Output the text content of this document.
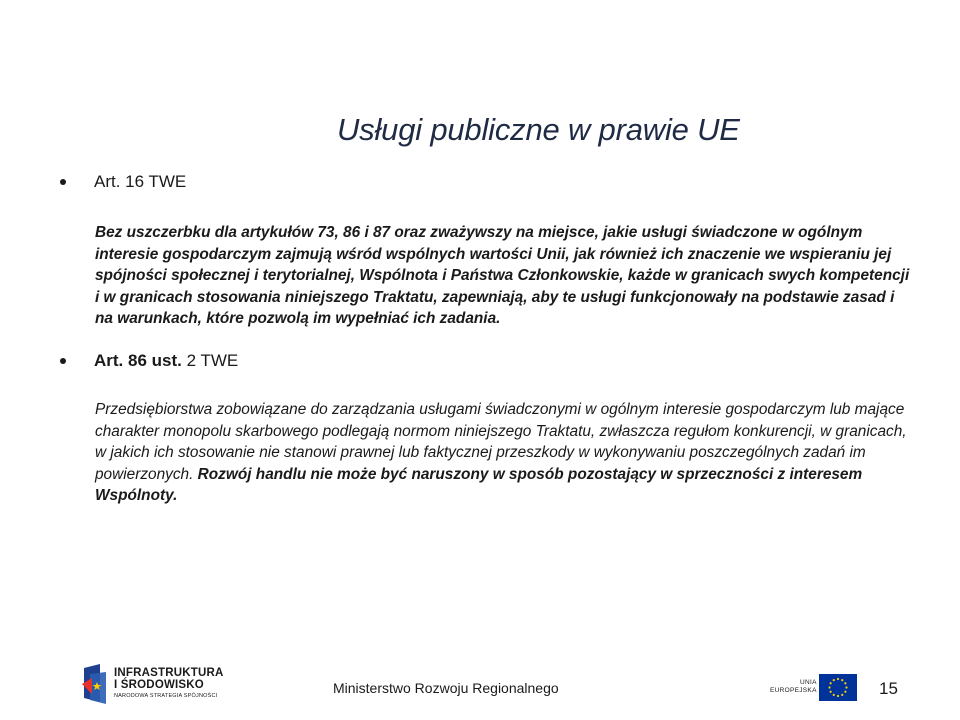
Usługi publiczne w prawie UE
Art. 16 TWE
Bez uszczerbku dla artykułów 73, 86 i 87 oraz zważywszy na miejsce, jakie usługi świadczone w ogólnym interesie gospodarczym zajmują wśród wspólnych wartości Unii, jak również ich znaczenie we wspieraniu jej spójności społecznej i terytorialnej, Wspólnota i Państwa Członkowskie, każde w granicach swych kompetencji i w granicach stosowania niniejszego Traktatu, zapewniają, aby te usługi funkcjonowały na podstawie zasad i na warunkach, które pozwolą im wypełniać ich zadania.
Art. 86 ust. 2 TWE
Przedsiębiorstwa zobowiązane do zarządzania usługami świadczonymi w ogólnym interesie gospodarczym lub mające charakter monopolu skarbowego podlegają normom niniejszego Traktatu, zwłaszcza regułom konkurencji, w granicach, w jakich ich stosowanie nie stanowi prawnej lub faktycznej przeszkody w wykonywaniu poszczególnych zadań im powierzonych. Rozwój handlu nie może być naruszony w sposób pozostający w sprzeczności z interesem Wspólnoty.
INFRASTRUKTURA
I ŚRODOWISKO
NARODOWA STRATEGIA SPÓJNOŚCI
Ministerstwo Rozwoju Regionalnego	UNIA
EUROPEJSKA	15
